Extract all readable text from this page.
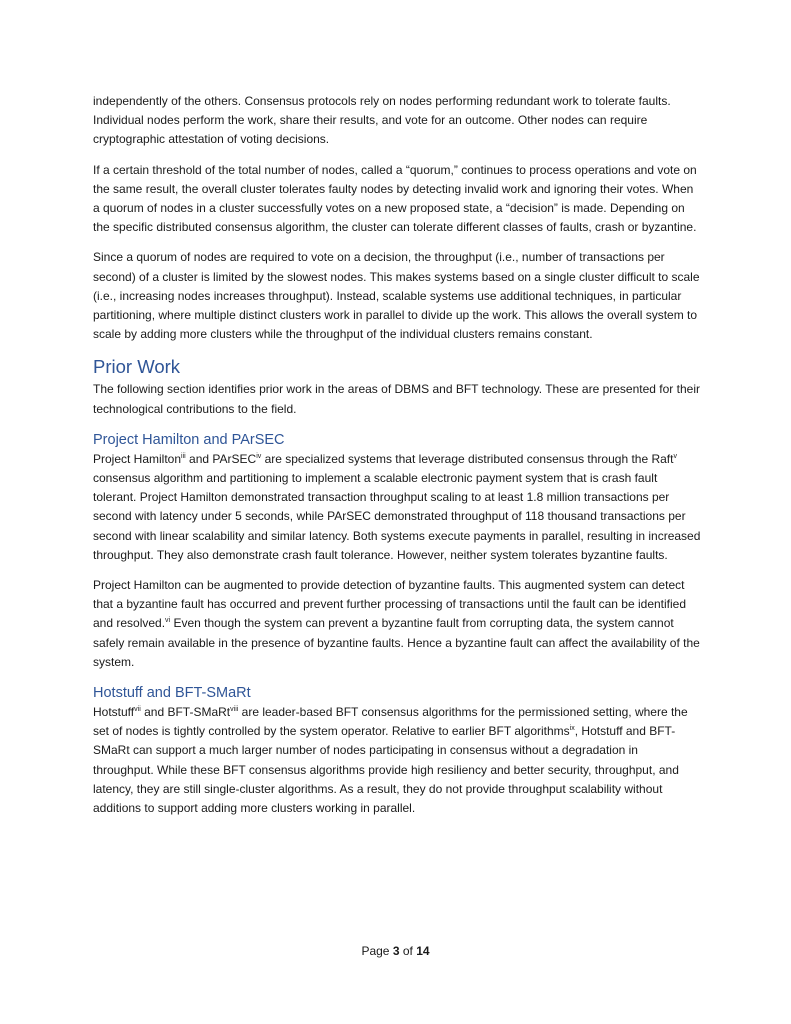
independently of the others. Consensus protocols rely on nodes performing redundant work to tolerate faults. Individual nodes perform the work, share their results, and vote for an outcome. Other nodes can require cryptographic attestation of voting decisions.

If a certain threshold of the total number of nodes, called a “quorum,” continues to process operations and vote on the same result, the overall cluster tolerates faulty nodes by detecting invalid work and ignoring their votes. When a quorum of nodes in a cluster successfully votes on a new proposed state, a “decision” is made. Depending on the specific distributed consensus algorithm, the cluster can tolerate different classes of faults, crash or byzantine.

Since a quorum of nodes are required to vote on a decision, the throughput (i.e., number of transactions per second) of a cluster is limited by the slowest nodes. This makes systems based on a single cluster difficult to scale (i.e., increasing nodes increases throughput). Instead, scalable systems use additional techniques, in particular partitioning, where multiple distinct clusters work in parallel to divide up the work. This allows the overall system to scale by adding more clusters while the throughput of the individual clusters remains constant.

Prior Work

The following section identifies prior work in the areas of DBMS and BFT technology. These are presented for their technological contributions to the field.

Project Hamilton and PArSEC

Project Hamilton$^{iii}$ and PArSEC$^{iv}$ are specialized systems that leverage distributed consensus through the Raft$^v$ consensus algorithm and partitioning to implement a scalable electronic payment system that is crash fault tolerant. Project Hamilton demonstrated transaction throughput scaling to at least 1.8 million transactions per second with latency under 5 seconds, while PArSEC demonstrated throughput of 118 thousand transactions per second with linear scalability and similar latency. Both systems execute payments in parallel, resulting in increased throughput. They also demonstrate crash fault tolerance. However, neither system tolerates byzantine faults.

Project Hamilton can be augmented to provide detection of byzantine faults. This augmented system can detect that a byzantine fault has occurred and prevent further processing of transactions until the fault can be identified and resolved.$^{vi}$ Even though the system can prevent a byzantine fault from corrupting data, the system cannot safely remain available in the presence of byzantine faults. Hence a byzantine fault can affect the availability of the system.

Hotstuff and BFT-SMaRt

Hotstuff$^{vii}$ and BFT-SMaRt$^{viii}$ are leader-based BFT consensus algorithms for the permissioned setting, where the set of nodes is tightly controlled by the system operator. Relative to earlier BFT algorithms$^{ix}$, Hotstuff and BFT-SMaRt can support a much larger number of nodes participating in consensus without a degradation in throughput. While these BFT consensus algorithms provide high resiliency and better security, throughput, and latency, they are still single-cluster algorithms. As a result, they do not provide throughput scalability without additions to support adding more clusters working in parallel.

Page 3 of 14
